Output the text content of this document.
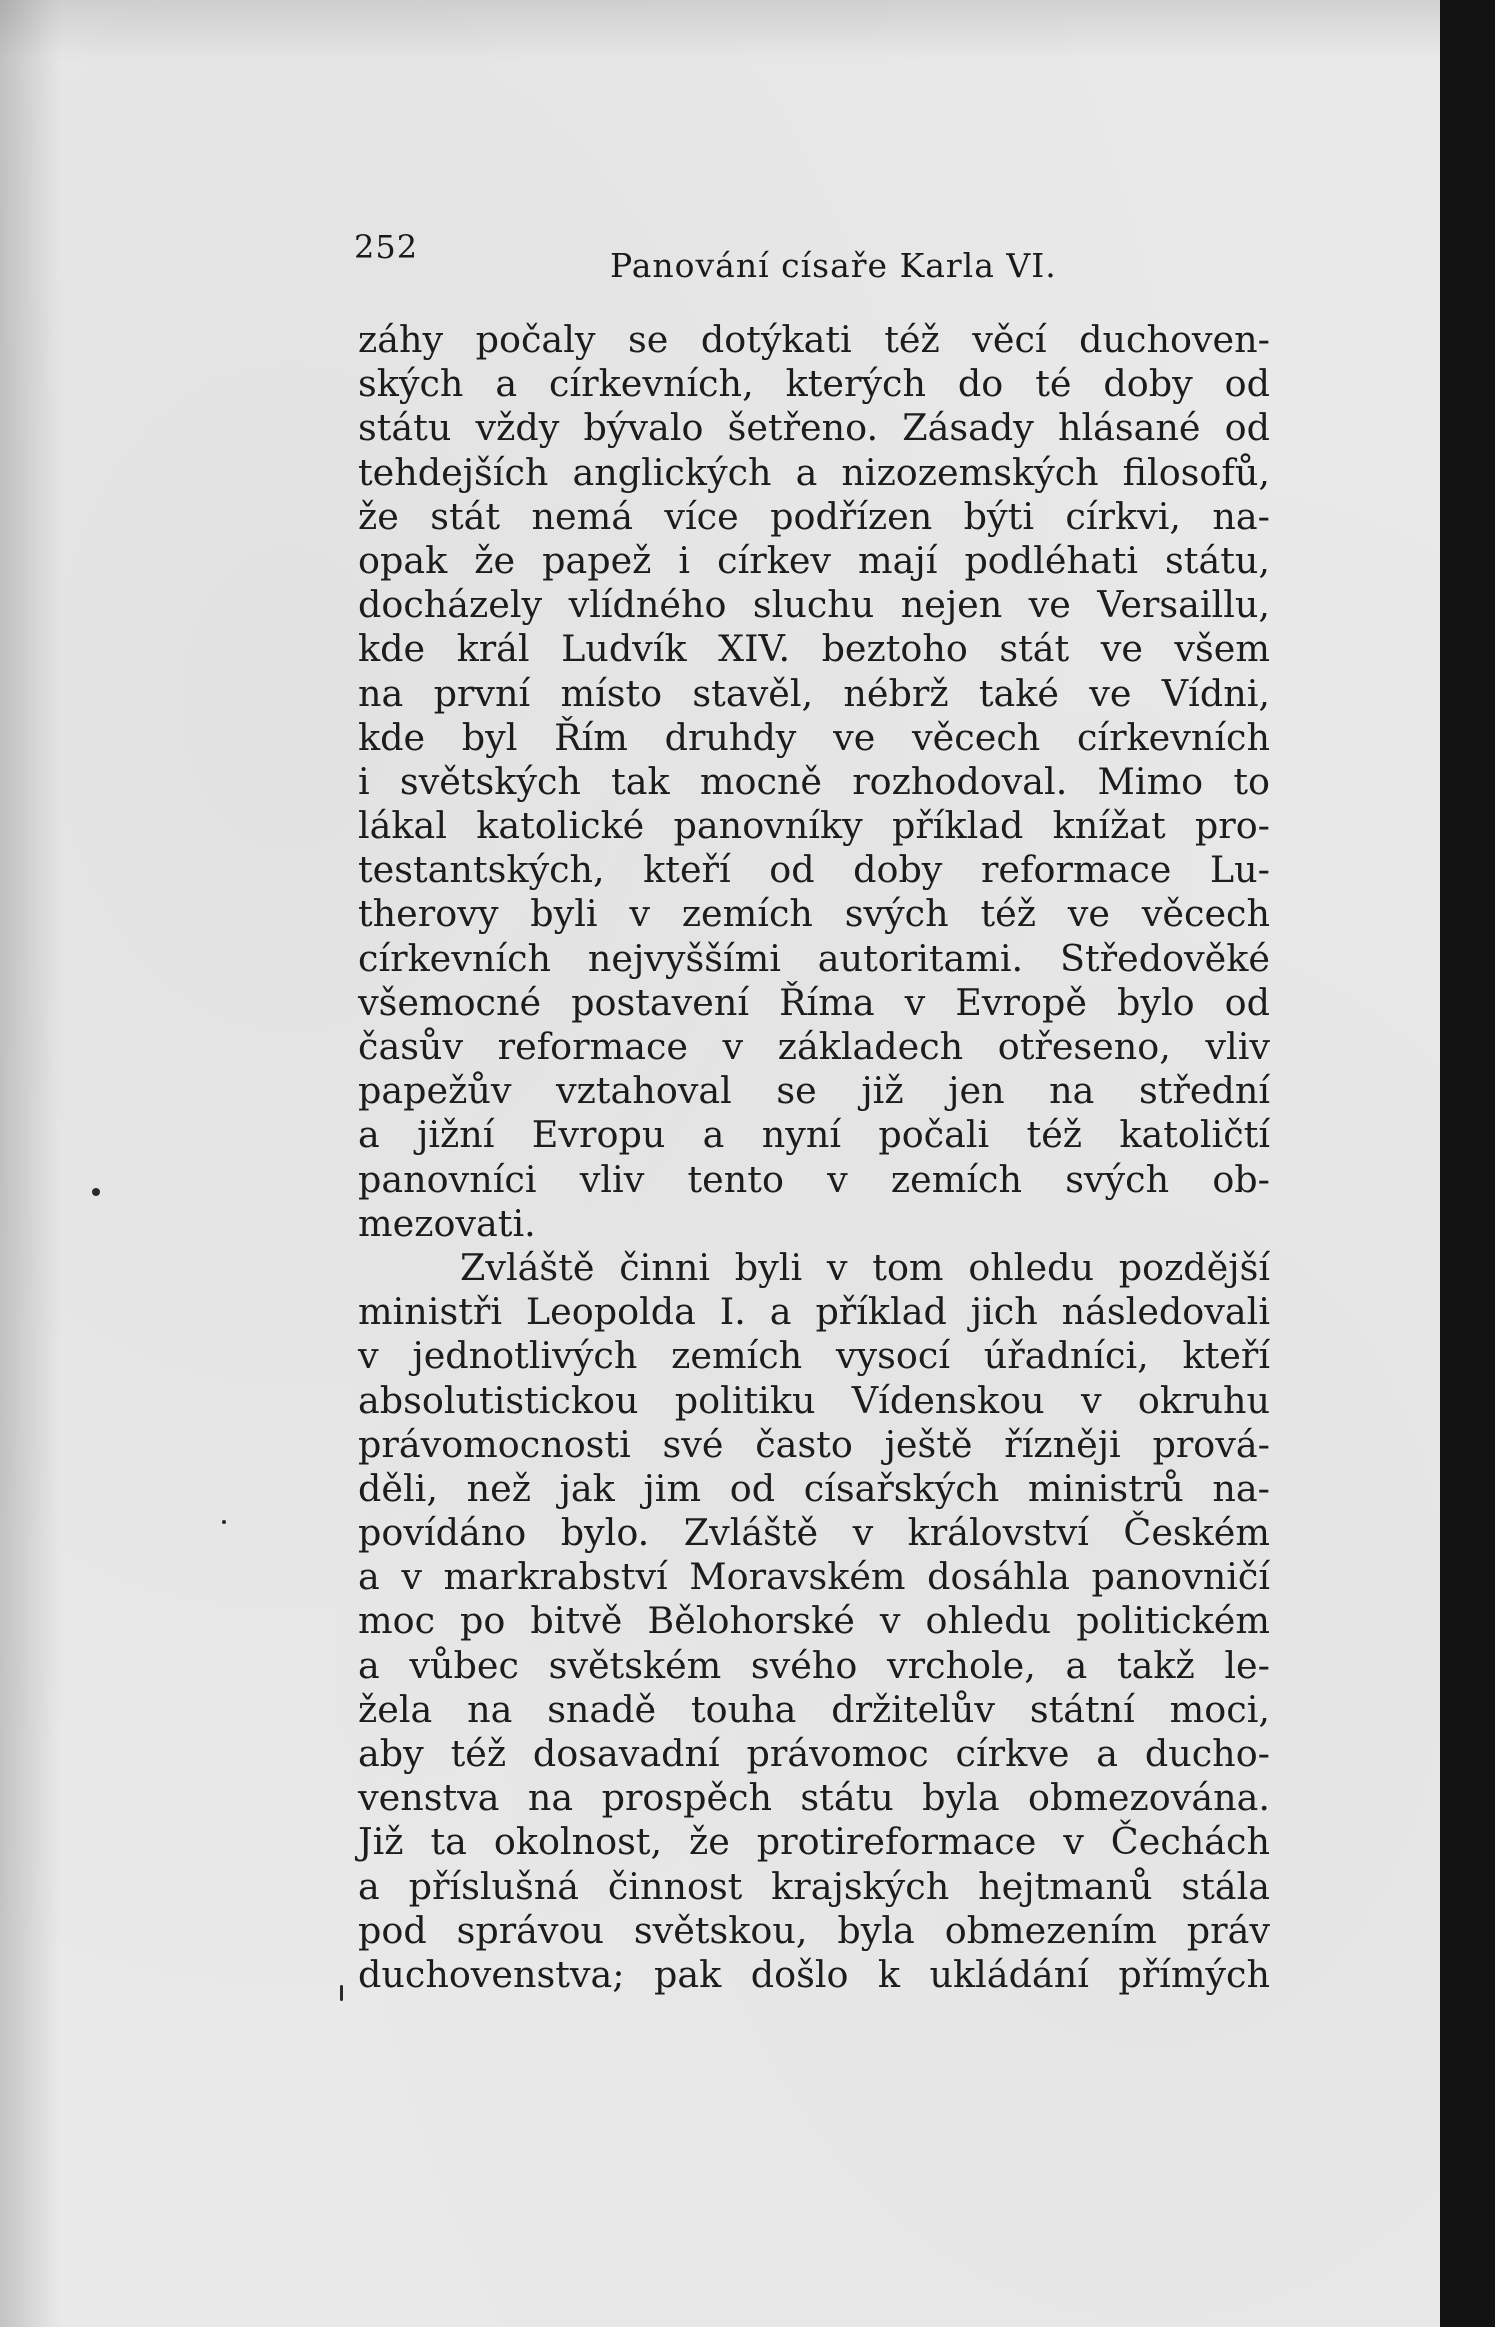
252	Panování císaře Karla VI.
záhy počaly se dotýkati též věcí duchoven-
ských a církevních, kterých do té doby od
státu vždy bývalo šetřeno. Zásady hlásané od
tehdejších anglických a nizozemských filosofů,
že stát nemá více podřízen býti církvi, na-
opak že papež i církev mají podléhati státu,
docházely vlídného sluchu nejen ve Versaillu,
kde král Ludvík XIV. beztoho stát ve všem
na první místo stavěl, nébrž také ve Vídni,
kde byl Řím druhdy ve věcech církevních
i světských tak mocně rozhodoval. Mimo to
lákal katolické panovníky příklad knížat pro-
testantských, kteří od doby reformace Lu-
therovy byli v zemích svých též ve věcech
církevních nejvyššími autoritami. Středověké
všemocné postavení Říma v Evropě bylo od
časův reformace v základech otřeseno, vliv
papežův vztahoval se již jen na střední
a jižní Evropu a nyní počali též katoličtí
panovníci vliv tento v zemích svých ob-
mezovati.
Zvláště činni byli v tom ohledu pozdější
ministři Leopolda I. a příklad jich následovali
v jednotlivých zemích vysocí úřadníci, kteří
absolutistickou politiku Vídenskou v okruhu
právomocnosti své často ještě řízněji prová-
děli, než jak jim od císařských ministrů na-
povídáno bylo. Zvláště v království Českém
a v markrabství Moravském dosáhla panovničí
moc po bitvě Bělohorské v ohledu politickém
a vůbec světském svého vrchole, a takž le-
žela na snadě touha držitelův státní moci,
aby též dosavadní právomoc církve a ducho-
venstva na prospěch státu byla obmezována.
Již ta okolnost, že protireformace v Čechách
a příslušná činnost krajských hejtmanů stála
pod správou světskou, byla obmezením práv
duchovenstva; pak došlo k ukládání přímých
